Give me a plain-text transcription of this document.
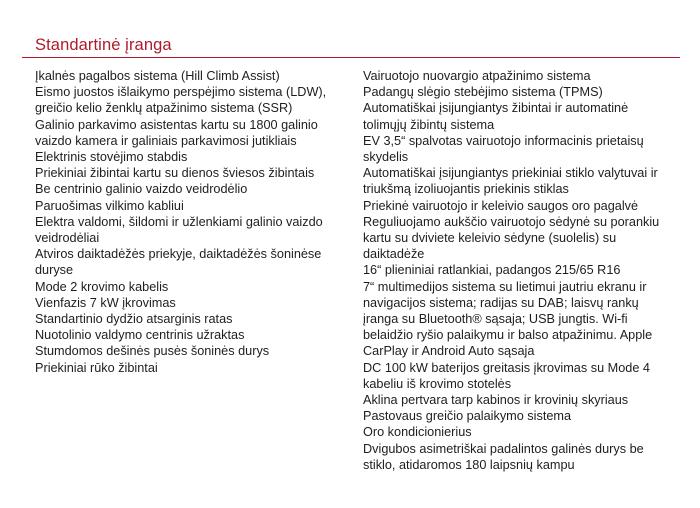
Standartinė įranga
Įkalnės pagalbos sistema (Hill Climb Assist)
Eismo juostos išlaikymo perspėjimo sistema (LDW), greičio kelio ženklų atpažinimo sistema (SSR)
Galinio parkavimo asistentas kartu su 1800 galinio vaizdo kamera ir galiniais parkavimosi jutikliais
Elektrinis stovėjimo stabdis
Priekiniai žibintai kartu su dienos šviesos žibintais
Be centrinio galinio vaizdo veidrodėlio
Paruošimas vilkimo kabliui
Elektra valdomi, šildomi ir užlenkiami galinio vaizdo veidrodėliai
Atviros daiktadėžės priekyje, daiktadėžės šoninėse duryse
Mode 2 krovimo kabelis
Vienfazis 7 kW įkrovimas
Standartinio dydžio atsarginis ratas
Nuotolinio valdymo centrinis užraktas
Stumdomos dešinės pusės šoninės durys
Priekiniai rūko žibintai
Vairuotojo nuovargio atpažinimo sistema
Padangų slėgio stebėjimo sistema (TPMS)
Automatiškai įsijungiantys žibintai ir automatinė tolimųjų žibintų sistema
EV 3,5“ spalvotas vairuotojo informacinis prietaisų skydelis
Automatiškai įsijungiantys priekiniai stiklo valytuvai ir triukšmą izoliuojantis priekinis stiklas
Priekinė vairuotojo ir keleivio saugos oro pagalvė
Reguliuojamo aukščio vairuotojo sėdynė su porankiu kartu su dviviete keleivio sėdyne (suolelis) su daiktadėže
16“ plieniniai ratlankiai, padangos 215/65 R16
7“ multimedijos sistema su lietimui jautriu ekranu ir navigacijos sistema; radijas su DAB; laisvų rankų įranga su Bluetooth® sąsaja; USB jungtis. Wi-fi belaidžio ryšio palaikymu ir balso atpažinimu. Apple CarPlay ir Android Auto sąsaja
DC 100 kW baterijos greitasis įkrovimas su Mode 4 kabeliu iš krovimo stotelės
Aklina pertvara tarp kabinos ir krovinių skyriaus
Pastovaus greičio palaikymo sistema
Oro kondicionierius
Dvigubos asimetriškai padalintos galinės durys be stiklo, atidaromos 180 laipsnių kampu
